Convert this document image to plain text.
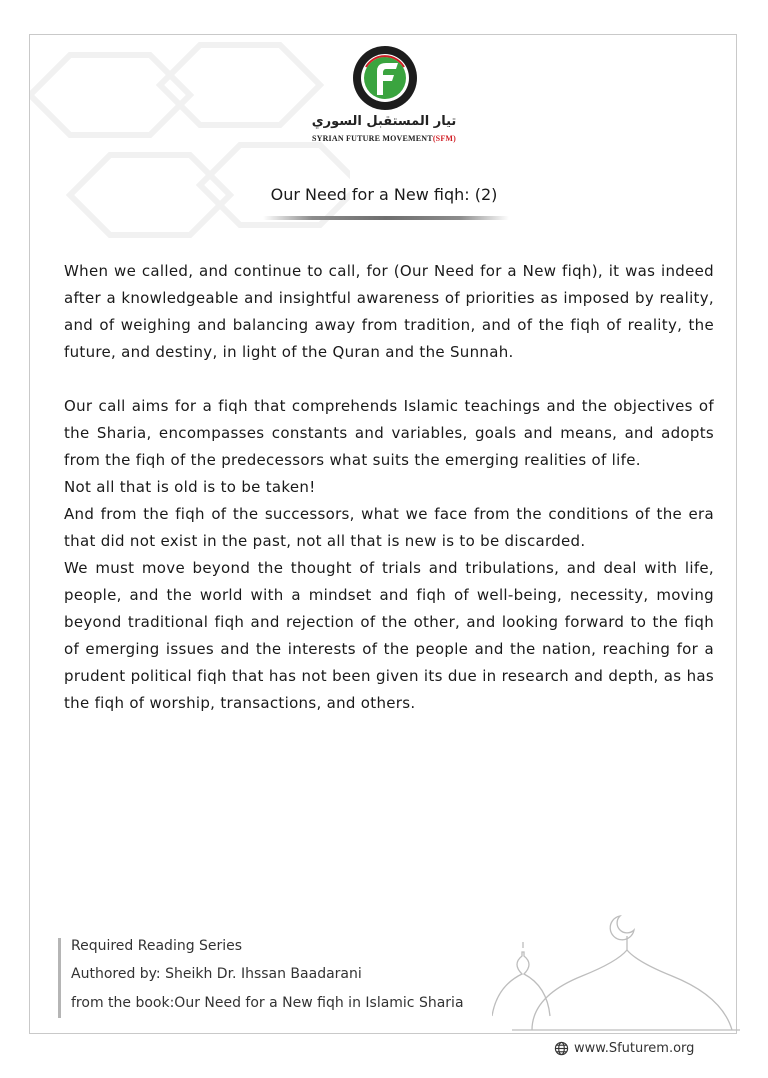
تيار المستقبل السوري
SYRIAN FUTURE MOVEMENT(SFM)
Our Need for a New fiqh: (2)

When we called, and continue to call, for (Our Need for a New fiqh), it was indeed after a knowledgeable and insightful awareness of priorities as imposed by reality, and of weighing and balancing away from tradition, and of the fiqh of reality, the future, and destiny, in light of the Quran and the Sunnah.

Our call aims for a fiqh that comprehends Islamic teachings and the objectives of the Sharia, encompasses constants and variables, goals and means, and adopts from the fiqh of the predecessors what suits the emerging realities of life.

Not all that is old is to be taken!

And from the fiqh of the successors, what we face from the conditions of the era that did not exist in the past, not all that is new is to be discarded.

We must move beyond the thought of trials and tribulations, and deal with life, people, and the world with a mindset and fiqh of well-being, necessity, moving beyond traditional fiqh and rejection of the other, and looking forward to the fiqh of emerging issues and the interests of the people and the nation, reaching for a prudent political fiqh that has not been given its due in research and depth, as has the fiqh of worship, transactions, and others.

Required Reading Series
Authored by: Sheikh Dr. Ihssan Baadarani
from the book:Our Need for a New fiqh in Islamic Sharia
www.Sfuturem.org
